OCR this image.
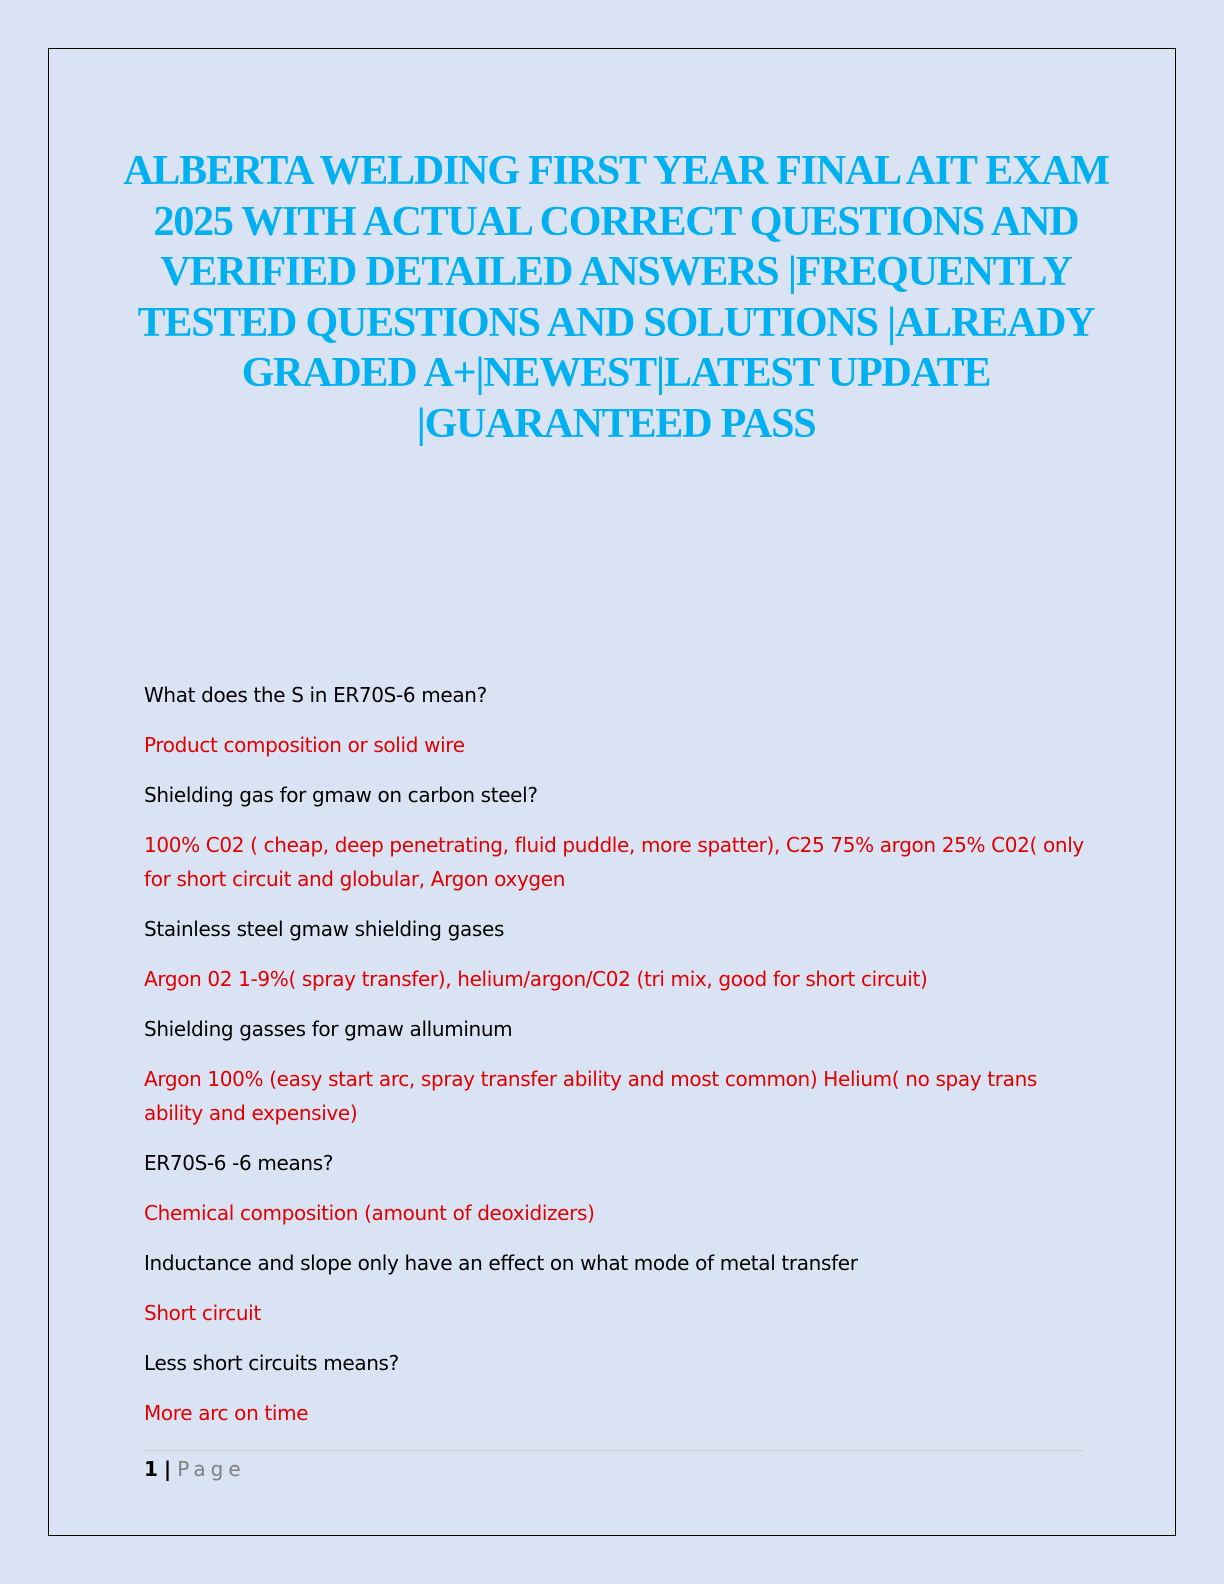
ALBERTA WELDING FIRST YEAR FINAL AIT EXAM 2025 WITH ACTUAL CORRECT QUESTIONS AND VERIFIED DETAILED ANSWERS |FREQUENTLY TESTED QUESTIONS AND SOLUTIONS |ALREADY GRADED A+|NEWEST|LATEST UPDATE |GUARANTEED PASS

What does the S in ER70S-6 mean?

Product composition or solid wire

Shielding gas for gmaw on carbon steel?

100% C02 ( cheap, deep penetrating, fluid puddle, more spatter), C25 75% argon 25% C02( only for short circuit and globular, Argon oxygen

Stainless steel gmaw shielding gases

Argon 02 1-9%( spray transfer), helium/argon/C02 (tri mix, good for short circuit)

Shielding gasses for gmaw alluminum

Argon 100% (easy start arc, spray transfer ability and most common) Helium( no spay trans ability and expensive)

ER70S-6 -6 means?

Chemical composition (amount of deoxidizers)

Inductance and slope only have an effect on what mode of metal transfer

Short circuit

Less short circuits means?

More arc on time

1 | Page
